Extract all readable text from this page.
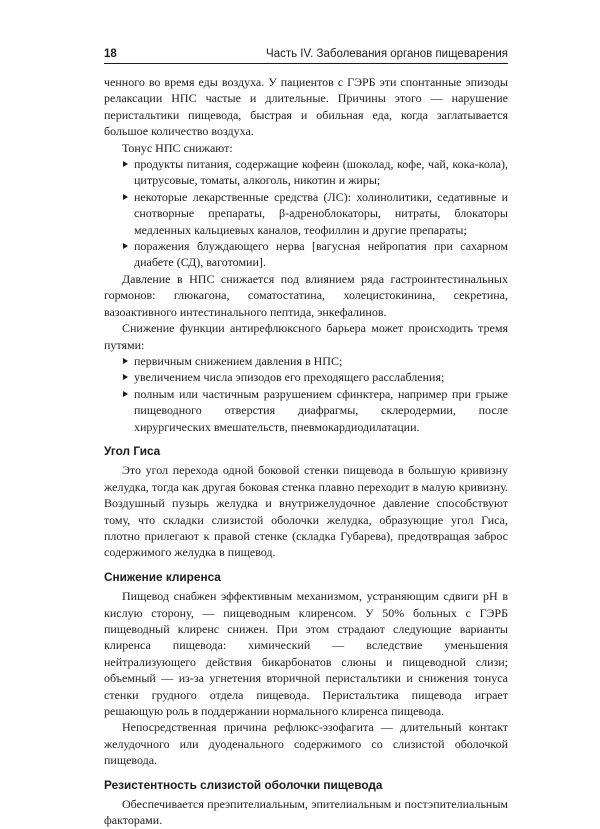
18	Часть IV. Заболевания органов пищеварения

ченного во время еды воздуха. У пациентов с ГЭРБ эти спонтанные эпизоды релаксации НПС частые и длительные. Причины этого — нарушение перистальтики пищевода, быстрая и обильная еда, когда заглатывается большое количество воздуха.

Тонус НПС снижают:

продукты питания, содержащие кофеин (шоколад, кофе, чай, кока-кола), цитрусовые, томаты, алкоголь, никотин и жиры;
некоторые лекарственные средства (ЛС): холинолитики, седативные и снотворные препараты, β-адреноблокаторы, нитраты, блокаторы медленных кальциевых каналов, теофиллин и другие препараты;
поражения блуждающего нерва [вагусная нейропатия при сахарном диабете (СД), ваготомии].

Давление в НПС снижается под влиянием ряда гастроинтестинальных гормонов: глюкагона, соматостатина, холецистокинина, секретина, вазоактивного интестинального пептида, энкефалинов.

Снижение функции антирефлюксного барьера может происходить тремя путями:

первичным снижением давления в НПС;
увеличением числа эпизодов его преходящего расслабления;
полным или частичным разрушением сфинктера, например при грыже пищеводного отверстия диафрагмы, склеродермии, после хирургических вмешательств, пневмокардиодилатации.
Угол Гиса

Это угол перехода одной боковой стенки пищевода в большую кривизну желудка, тогда как другая боковая стенка плавно переходит в малую кривизну. Воздушный пузырь желудка и внутрижелудочное давление способствуют тому, что складки слизистой оболочки желудка, образующие угол Гиса, плотно прилегают к правой стенке (складка Губарева), предотвращая заброс содержимого желудка в пищевод.

Снижение клиренса

Пищевод снабжен эффективным механизмом, устраняющим сдвиги pH в кислую сторону, — пищеводным клиренсом. У 50% больных с ГЭРБ пищеводный клиренс снижен. При этом страдают следующие варианты клиренса пищевода: химический — вследствие уменьшения нейтрализующего действия бикарбонатов слюны и пищеводной слизи; объемный — из-за угнетения вторичной перистальтики и снижения тонуса стенки грудного отдела пищевода. Перистальтика пищевода играет решающую роль в поддержании нормального клиренса пищевода.

Непосредственная причина рефлюкс-эзофагита — длительный контакт желудочного или дуоденального содержимого со слизистой оболочкой пищевода.

Резистентность слизистой оболочки пищевода

Обеспечивается преэпителиальным, эпителиальным и постэпителиальным факторами.
